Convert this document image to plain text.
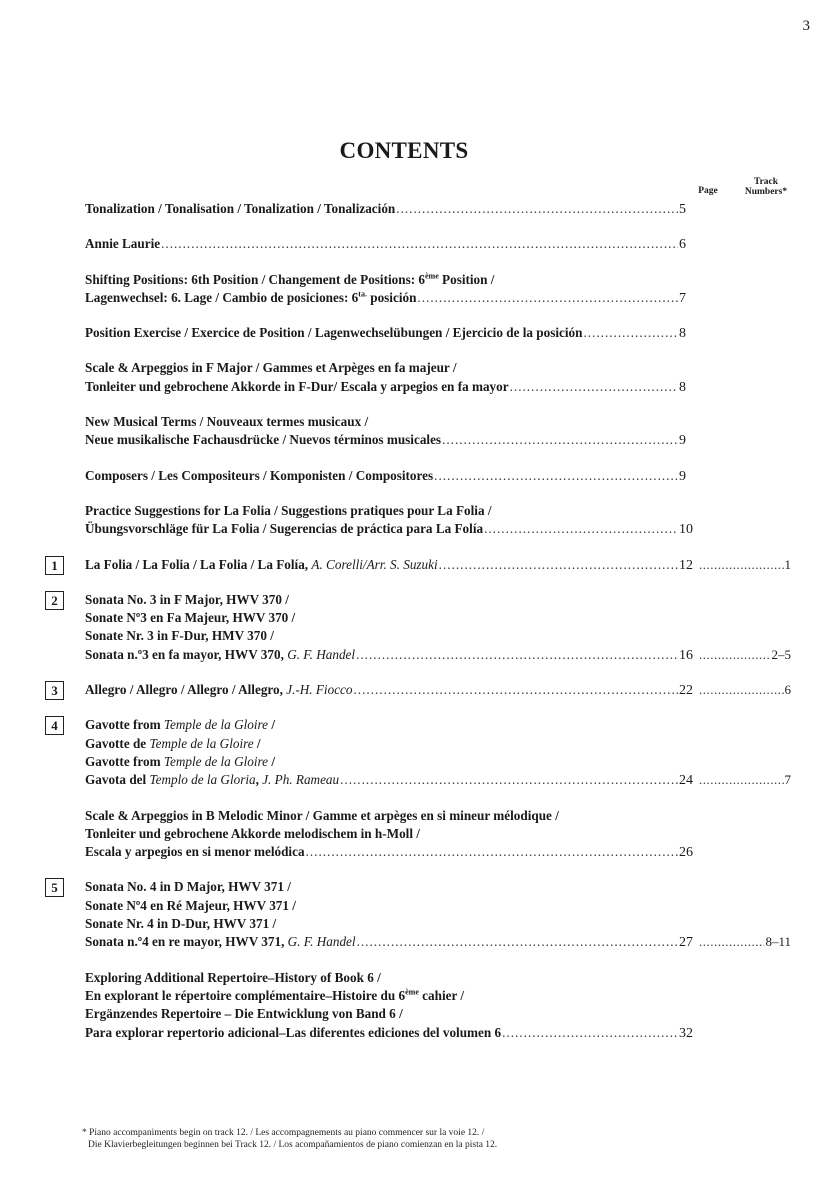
3
CONTENTS
Page
Track
Numbers*
Tonalization / Tonalisation / Tonalization / Tonalización .....	5
Annie Laurie .....	6
Shifting Positions: 6th Position / Changement de Positions: 6ème Position /
Lagenwechsel: 6. Lage / Cambio de posiciones: $6^{ta.}$ posición .....	7
Position Exercise / Exercice de Position / Lagenwechselübungen / Ejercicio de la posición .....	8
Scale & Arpeggios in F Major / Gammes et Arpèges en fa majeur /
Tonleiter und gebrochene Akkorde in F-Dur/ Escala y arpegios en fa mayor .....	8
New Musical Terms / Nouveaux termes musicaux /
Neue musikalische Fachausdrücke / Nuevos términos musicales .....	9
Composers / Les Compositeurs / Komponisten / Compositores .....	9
Practice Suggestions for La Folia / Suggestions pratiques pour La Folia /
Übungsvorschläge für La Folia / Sugerencias de práctica para La Folía .....	10
1	La Folia / La Folia / La Folia / La Folía, A. Corelli/Arr. S. Suzuki .....	12 .....	1
2	Sonata No. 3 in F Major, HWV 370 /
Sonate Nº3 en Fa Majeur, HWV 370 /
Sonate Nr. 3 in F-Dur, HMV 370 /
Sonata n.º3 en fa mayor, HWV 370, G. F. Handel .....	16 .....	2–5
3	Allegro / Allegro / Allegro / Allegro, J.-H. Fiocco .....	22 .....	6
4	Gavotte from Temple de la Gloire /
Gavotte de Temple de la Gloire /
Gavotte from Temple de la Gloire /
Gavota del Templo de la Gloria, J. Ph. Rameau .....	24 .....	7
Scale & Arpeggios in B Melodic Minor / Gamme et arpèges en si mineur mélodique /
Tonleiter und gebrochene Akkorde melodischem in h-Moll /
Escala y arpegios en si menor melódica .....	26
5	Sonata No. 4 in D Major, HWV 371 /
Sonate Nº4 en Ré Majeur, HWV 371 /
Sonate Nr. 4 in D-Dur, HWV 371 /
Sonata n.º4 en re mayor, HWV 371, G. F. Handel .....	27 .....	8–11
Exploring Additional Repertoire–History of Book 6 /
En explorant le répertoire complémentaire–Histoire du 6ème cahier /
Ergänzendes Repertoire – Die Entwicklung von Band 6 /
Para explorar repertorio adicional–Las diferentes ediciones del volumen 6 .....	32
* Piano accompaniments begin on track 12. / Les accompagnements au piano commencer sur la voie 12. /
Die Klavierbegleitungen beginnen bei Track 12. / Los acompañamientos de piano comienzan en la pista 12.
